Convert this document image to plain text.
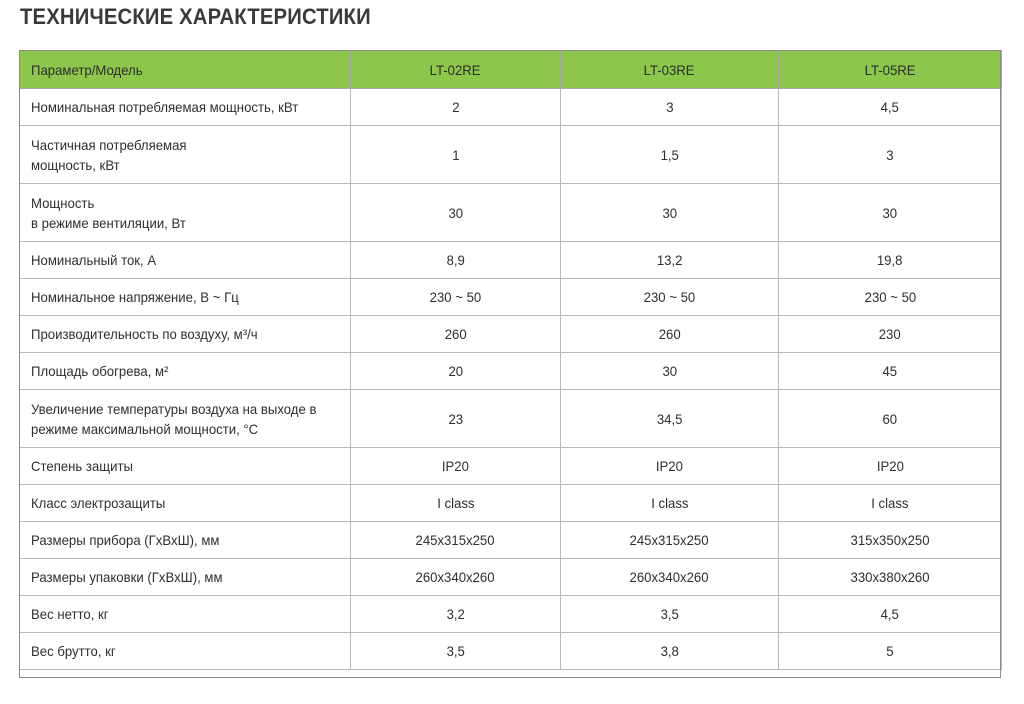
ТЕХНИЧЕСКИЕ ХАРАКТЕРИСТИКИ
Параметр/Модель	LT-02RE	LT-03RE	LT-05RE
Номинальная потребляемая мощность, кВт	2	3	4,5
Частичная потребляемая
мощность, кВт	1	1,5	3
Мощность
в режиме вентиляции, Вт	30	30	30
Номинальный ток, А	8,9	13,2	19,8
Номинальное напряжение, В ~ Гц	230 ~ 50	230 ~ 50	230 ~ 50
Производительность по воздуху, м³/ч	260	260	230
Площадь обогрева, м²	20	30	45
Увеличение температуры воздуха на выходе в
режиме максимальной мощности, °С	23	34,5	60
Степень защиты	IP20	IP20	IP20
Класс электрозащиты	I class	I class	I class
Размеры прибора (ГхВхШ), мм	245x315x250	245x315x250	315x350x250
Размеры упаковки (ГхВхШ), мм	260x340x260	260x340x260	330x380x260
Вес нетто, кг	3,2	3,5	4,5
Вес брутто, кг	3,5	3,8	5
